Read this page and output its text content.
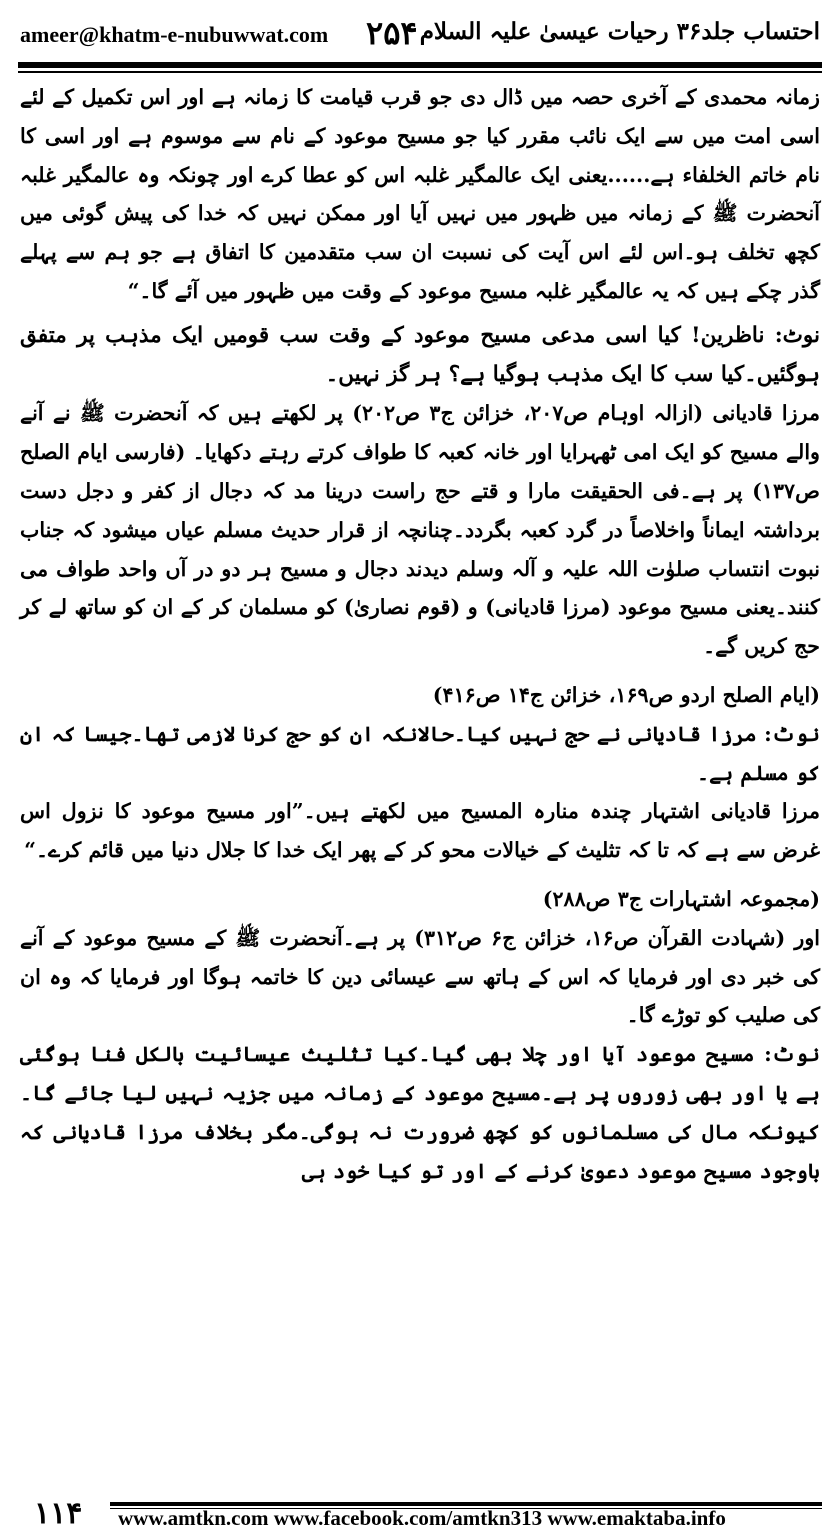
ameer@khatm-e-nubuwwat.com ۲۵۴ احتساب جلد۳۶ رحیات عیسیٰ علیہ السلام

زمانہ محمدی کے آخری حصہ میں ڈال دی جو قرب قیامت کا زمانہ ہے اور اس تکمیل کے لئے اسی امت میں سے ایک نائب مقرر کیا جو مسیح موعود کے نام سے موسوم ہے اور اسی کا نام خاتم الخلفاء ہے......یعنی ایک عالمگیر غلبہ اس کو عطا کرے اور چونکہ وہ عالمگیر غلبہ آنحضرت ﷺ کے زمانہ میں ظہور میں نہیں آیا اور ممکن نہیں کہ خدا کی پیش گوئی میں کچھ تخلف ہو۔اس لئے اس آیت کی نسبت ان سب متقدمین کا اتفاق ہے جو ہم سے پہلے گذر چکے ہیں کہ یہ عالمگیر غلبہ مسیح موعود کے وقت میں ظہور میں آئے گا۔“

نوٹ: ناظرین! کیا اسی مدعی مسیح موعود کے وقت سب قومیں ایک مذہب پر متفق ہوگئیں۔کیا سب کا ایک مذہب ہوگیا ہے؟ ہر گز نہیں۔

مرزا قادیانی (ازالہ اوہام ص۲۰۷، خزائن ج۳ ص۲۰۲) پر لکھتے ہیں کہ آنحضرت ﷺ نے آنے والے مسیح کو ایک امی ٹھہرایا اور خانہ کعبہ کا طواف کرتے رہتے دکھایا۔ (فارسی ایام الصلح ص۱۳۷) پر ہے۔فی الحقیقت مارا و قتے حج راست درینا مد کہ دجال از کفر و دجل دست برداشتہ ایماناً واخلاصاً در گرد کعبہ بگردد۔چنانچہ از قرار حدیث مسلم عیاں میشود کہ جناب نبوت انتساب صلوٰت اللہ علیہ و آلہ وسلم دیدند دجال و مسیح ہر دو در آں واحد طواف می کنند۔یعنی مسیح موعود (مرزا قادیانی) و (قوم نصاریٰ) کو مسلمان کر کے ان کو ساتھ لے کر حج کریں گے۔

(ایام الصلح اردو ص۱۶۹، خزائن ج۱۴ ص۴۱۶)

نوٹ: مرزا قادیانی نے حج نہیں کیا۔حالانکہ ان کو حج کرنا لازمی تھا۔جیسا کہ ان کو مسلم ہے۔

مرزا قادیانی اشتہار چندہ منارہ المسیح میں لکھتے ہیں۔”اور مسیح موعود کا نزول اس غرض سے ہے کہ تا کہ تثلیث کے خیالات محو کر کے پھر ایک خدا کا جلال دنیا میں قائم کرے۔“

(مجموعہ اشتہارات ج۳ ص۲۸۸)

اور (شہادت القرآن ص۱۶، خزائن ج۶ ص۳۱۲) پر ہے۔آنحضرت ﷺ کے مسیح موعود کے آنے کی خبر دی اور فرمایا کہ اس کے ہاتھ سے عیسائی دین کا خاتمہ ہوگا اور فرمایا کہ وہ ان کی صلیب کو توڑے گا۔

نوٹ: مسیح موعود آیا اور چلا بھی گیا۔کیا تثلیث عیسائیت بالکل فنا ہوگئی ہے یا اور بھی زوروں پر ہے۔مسیح موعود کے زمانہ میں جزیہ نہیں لیا جائے گا۔کیونکہ مال کی مسلمانوں کو کچھ ضرورت نہ ہوگی۔مگر بخلاف مرزا قادیانی کہ باوجود مسیح موعود دعویٰ کرنے کے اور تو کیا خود ہی

۱۱۴ www.amtkn.com www.facebook.com/amtkn313 www.emaktaba.info
